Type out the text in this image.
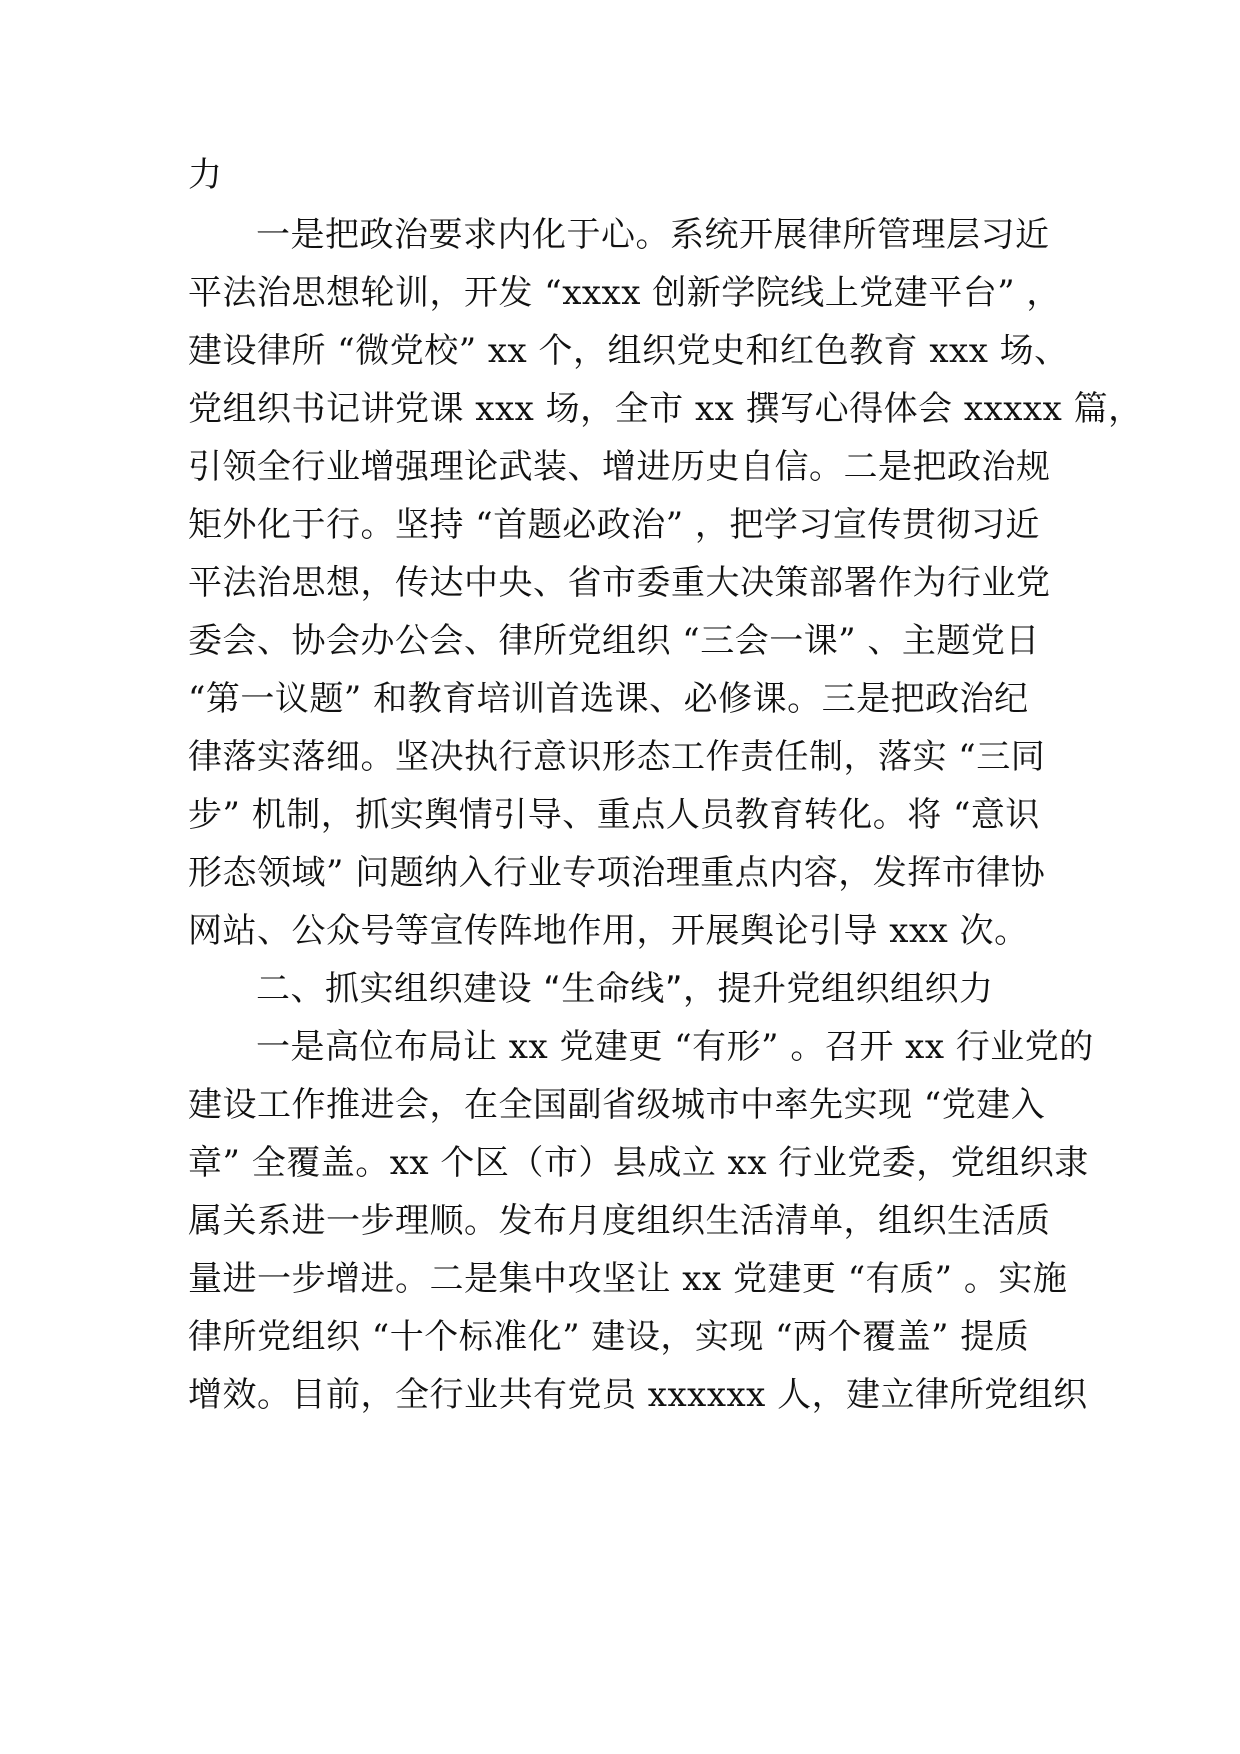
力
一是把政治要求内化于心。系统开展律所管理层习近
平法治思想轮训，开发 “xxxx 创新学院线上党建平台” ，
建设律所 “微党校” xx 个，组织党史和红色教育 xxx 场、
党组织书记讲党课 xxx 场，全市 xx 撰写心得体会 xxxxx 篇，
引领全行业增强理论武装、增进历史自信。二是把政治规
矩外化于行。坚持 “首题必政治” ，把学习宣传贯彻习近
平法治思想，传达中央、省市委重大决策部署作为行业党
委会、协会办公会、律所党组织 “三会一课” 、主题党日
“第一议题” 和教育培训首选课、必修课。三是把政治纪
律落实落细。坚决执行意识形态工作责任制，落实 “三同
步” 机制，抓实舆情引导、重点人员教育转化。将 “意识
形态领域” 问题纳入行业专项治理重点内容，发挥市律协
网站、公众号等宣传阵地作用，开展舆论引导 xxx 次。
二、抓实组织建设 “生命线”，提升党组织组织力
一是高位布局让 xx 党建更 “有形” 。召开 xx 行业党的
建设工作推进会，在全国副省级城市中率先实现 “党建入
章” 全覆盖。xx 个区（市）县成立 xx 行业党委，党组织隶
属关系进一步理顺。发布月度组织生活清单，组织生活质
量进一步增进。二是集中攻坚让 xx 党建更 “有质” 。实施
律所党组织 “十个标准化” 建设，实现 “两个覆盖” 提质
增效。目前，全行业共有党员 xxxxxx 人，建立律所党组织
